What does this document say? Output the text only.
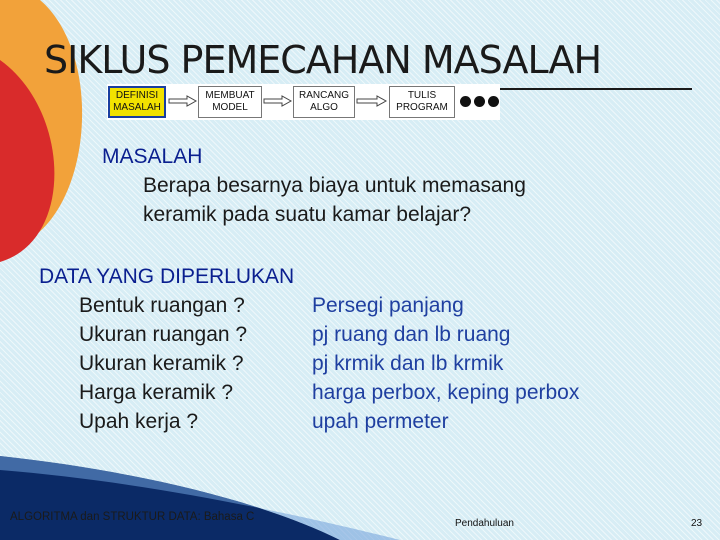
SIKLUS PEMECAHAN MASALAH
DEFINISI
MASALAH
MEMBUAT
MODEL
RANCANG
ALGO
TULIS
PROGRAM
MASALAH
Berapa besarnya biaya untuk memasang
keramik pada suatu kamar belajar?
DATA YANG DIPERLUKAN
Bentuk ruangan ?	Persegi panjang
Ukuran ruangan ?	pj ruang dan lb ruang
Ukuran keramik ?	pj krmik dan lb krmik
Harga keramik ?	harga perbox, keping perbox
Upah kerja ?	upah permeter
ALGORITMA dan STRUKTUR DATA: Bahasa C
Pendahuluan	23
